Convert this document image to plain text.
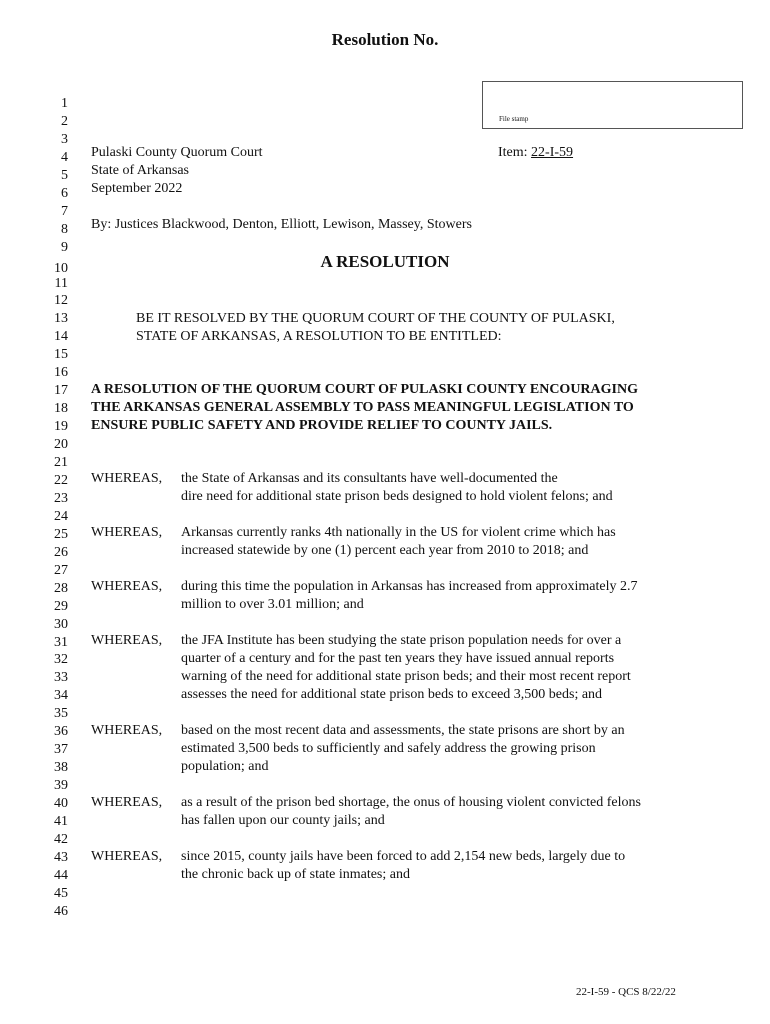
Resolution No.
File stamp
1
2
3
4
5
6
7
8
9
10
11
12
13
14
15
16
17
18
19
20
21
22
23
24
25
26
27
28
29
30
31
32
33
34
35
36
37
38
39
40
41
42
43
44
45
46
Pulaski County Quorum Court	Item: 22-I-59
State of Arkansas
September 2022
By: Justices Blackwood, Denton, Elliott, Lewison, Massey, Stowers
A RESOLUTION
BE IT RESOLVED BY THE QUORUM COURT OF THE COUNTY OF PULASKI,
STATE OF ARKANSAS, A RESOLUTION TO BE ENTITLED:
A RESOLUTION OF THE QUORUM COURT OF PULASKI COUNTY ENCOURAGING
THE ARKANSAS GENERAL ASSEMBLY TO PASS MEANINGFUL LEGISLATION TO
ENSURE PUBLIC SAFETY AND PROVIDE RELIEF TO COUNTY JAILS.
WHEREAS, the State of Arkansas and its consultants have well-documented the
dire need for additional state prison beds designed to hold violent felons; and
WHEREAS, Arkansas currently ranks 4th nationally in the US for violent crime which has
increased statewide by one (1) percent each year from 2010 to 2018; and
WHEREAS, during this time the population in Arkansas has increased from approximately 2.7
million to over 3.01 million; and
WHEREAS, the JFA Institute has been studying the state prison population needs for over a
quarter of a century and for the past ten years they have issued annual reports
warning of the need for additional state prison beds; and their most recent report
assesses the need for additional state prison beds to exceed 3,500 beds; and
WHEREAS, based on the most recent data and assessments, the state prisons are short by an
estimated 3,500 beds to sufficiently and safely address the growing prison
population; and
WHEREAS, as a result of the prison bed shortage, the onus of housing violent convicted felons
has fallen upon our county jails; and
WHEREAS, since 2015, county jails have been forced to add 2,154 new beds, largely due to
the chronic back up of state inmates; and
22-I-59 - QCS 8/22/22
